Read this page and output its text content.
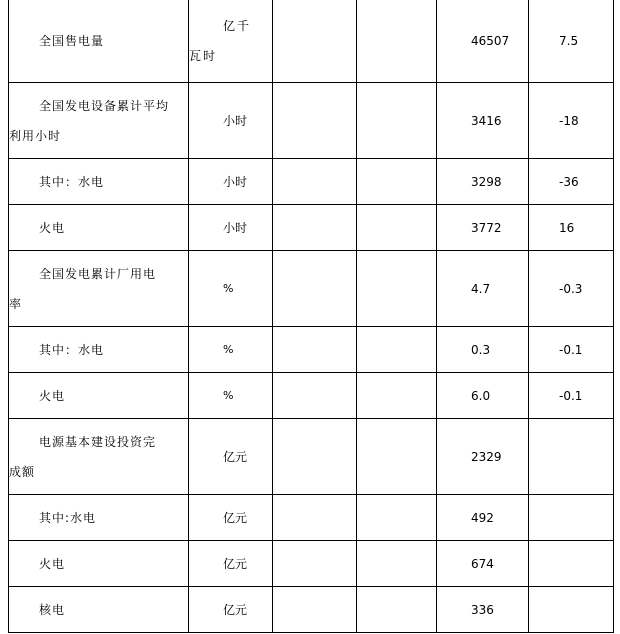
全国售电量	亿千瓦时			46507	7.5

全国发电设备累计平均利用小时	小时			3416	-18

其中：水电	小时			3298	-36

火电	小时			3772	16

全国发电累计厂用电率	%			4.7	-0.3

其中：水电	%			0.3	-0.1

火电	%			6.0	-0.1

电源基本建设投资完成额	亿元			2329	

其中:水电	亿元			492	

火电	亿元			674	

核电	亿元			336	
